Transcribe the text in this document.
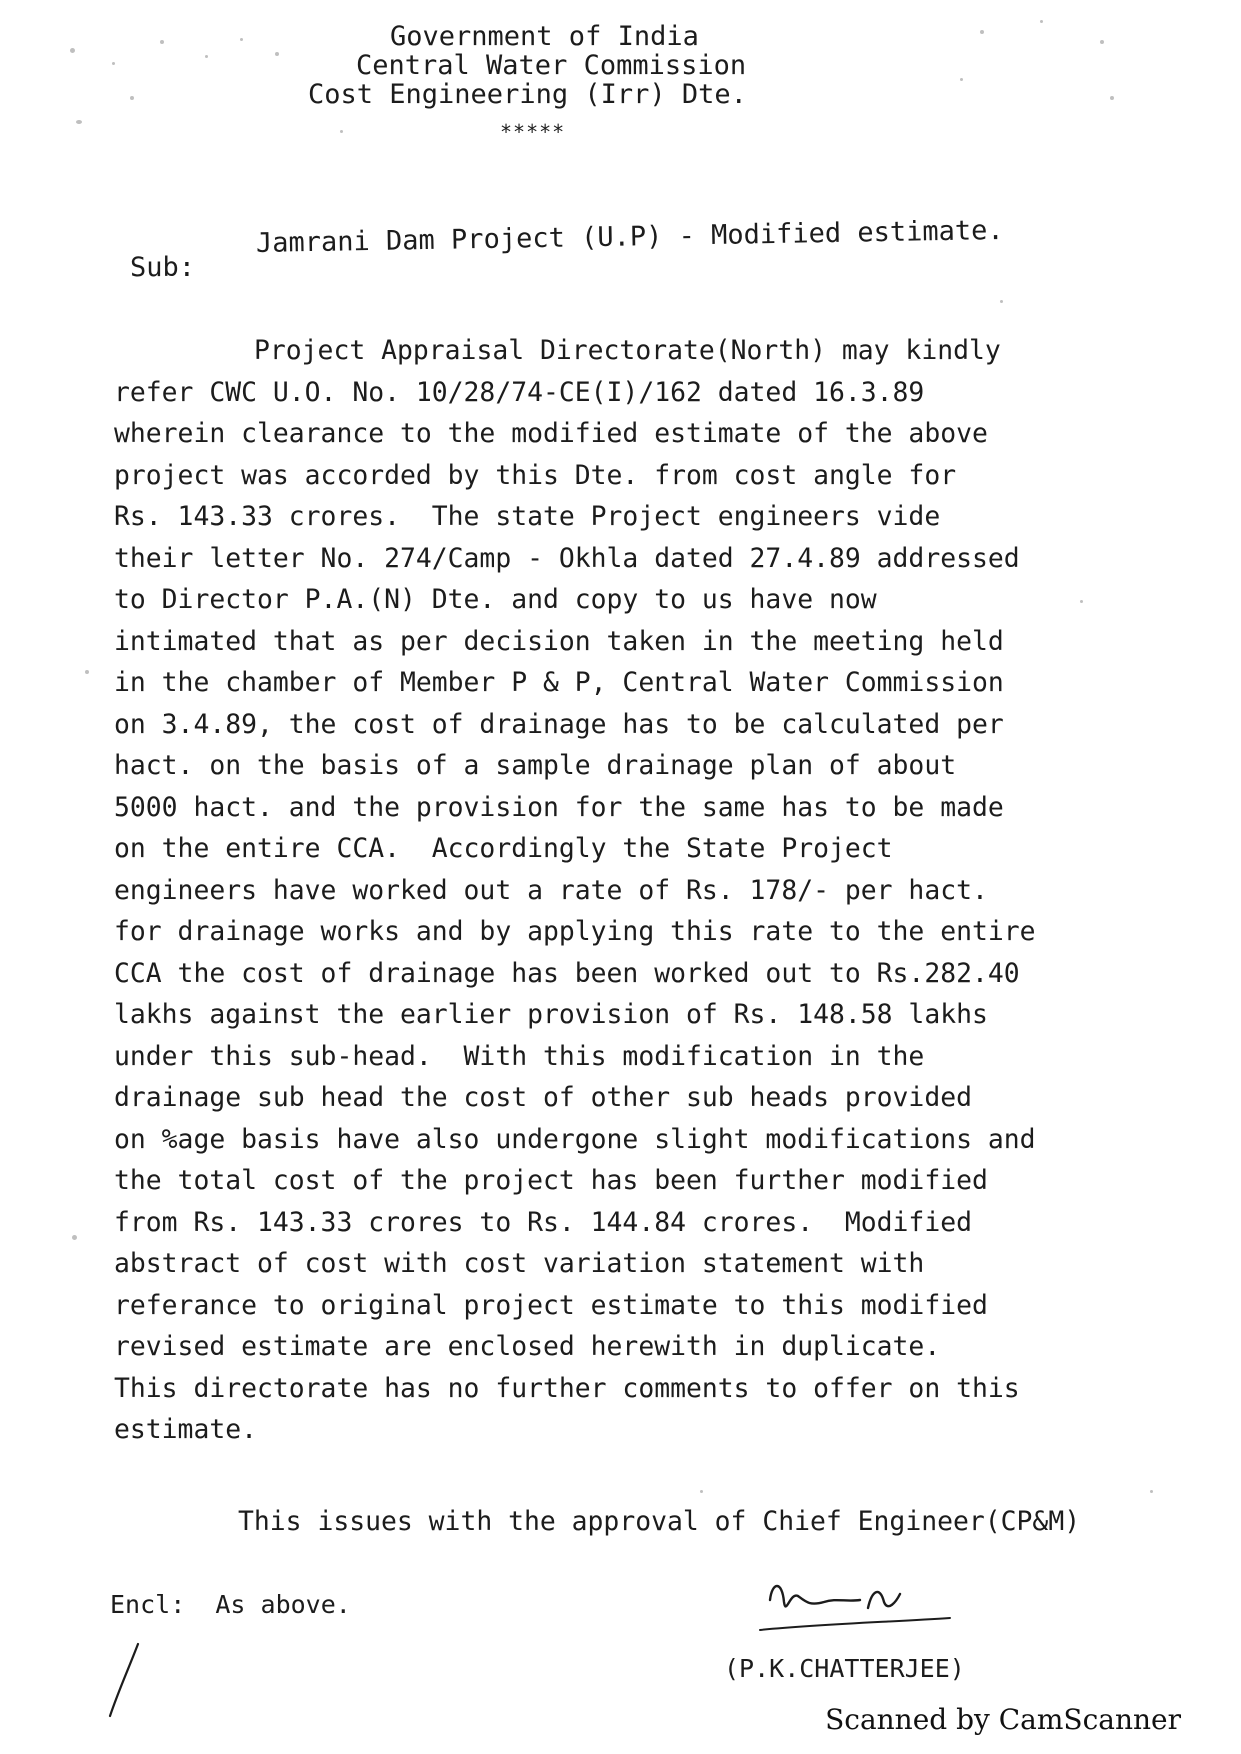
Government of India
Central Water Commission
Cost Engineering (Irr) Dte.
*****
Sub:
Jamrani Dam Project (U.P) - Modified estimate.
Project Appraisal Directorate(North) may kindly
refer CWC U.O. No. 10/28/74-CE(I)/162 dated 16.3.89
wherein clearance to the modified estimate of the above
project was accorded by this Dte. from cost angle for
Rs. 143.33 crores.  The state Project engineers vide
their letter No. 274/Camp - Okhla dated 27.4.89 addressed
to Director P.A.(N) Dte. and copy to us have now
intimated that as per decision taken in the meeting held
in the chamber of Member P & P, Central Water Commission
on 3.4.89, the cost of drainage has to be calculated per
hact. on the basis of a sample drainage plan of about
5000 hact. and the provision for the same has to be made
on the entire CCA.  Accordingly the State Project
engineers have worked out a rate of Rs. 178/- per hact.
for drainage works and by applying this rate to the entire
CCA the cost of drainage has been worked out to Rs.282.40
lakhs against the earlier provision of Rs. 148.58 lakhs
under this sub-head.  With this modification in the
drainage sub head the cost of other sub heads provided
on %age basis have also undergone slight modifications and
the total cost of the project has been further modified
from Rs. 143.33 crores to Rs. 144.84 crores.  Modified
abstract of cost with cost variation statement with
referance to original project estimate to this modified
revised estimate are enclosed herewith in duplicate.
This directorate has no further comments to offer on this
estimate.
This issues with the approval of Chief Engineer(CP&M)
Encl:  As above.
(P.K.CHATTERJEE)
Scanned by CamScanner
